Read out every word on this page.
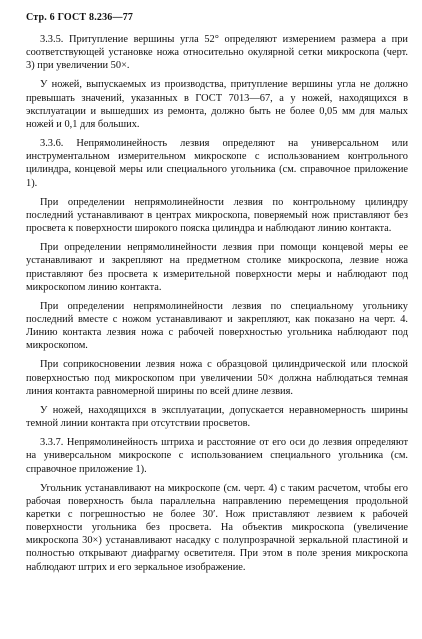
Стр. 6 ГОСТ 8.236—77

3.3.5. Притупление вершины угла 52° определяют измерением размера a при соответствующей установке ножа относительно окулярной сетки микроскопа (черт. 3) при увеличении 50×.

У ножей, выпускаемых из производства, притупление вершины угла не должно превышать значений, указанных в ГОСТ 7013—67, а у ножей, находящихся в эксплуатации и вышедших из ремонта, должно быть не более 0,05 мм для малых ножей и 0,1 для больших.

3.3.6. Непрямолинейность лезвия определяют на универсальном или инструментальном измерительном микроскопе с использованием контрольного цилиндра, концевой меры или специального угольника (см. справочное приложение 1).

При определении непрямолинейности лезвия по контрольному цилиндру последний устанавливают в центрах микроскопа, поверяемый нож приставляют без просвета к поверхности широкого пояска цилиндра и наблюдают линию контакта.

При определении непрямолинейности лезвия при помощи концевой меры ее устанавливают и закрепляют на предметном столике микроскопа, лезвие ножа приставляют без просвета к измерительной поверхности меры и наблюдают под микроскопом линию контакта.

При определении непрямолинейности лезвия по специальному угольнику последний вместе с ножом устанавливают и закрепляют, как показано на черт. 4. Линию контакта лезвия ножа с рабочей поверхностью угольника наблюдают под микроскопом.

При соприкосновении лезвия ножа с образцовой цилиндрической или плоской поверхностью под микроскопом при увеличении 50× должна наблюдаться темная линия контакта равномерной ширины по всей длине лезвия.

У ножей, находящихся в эксплуатации, допускается неравномерность ширины темной линии контакта при отсутствии просветов.

3.3.7. Непрямолинейность штриха и расстояние от его оси до лезвия определяют на универсальном микроскопе с использованием специального угольника (см. справочное приложение 1).

Угольник устанавливают на микроскопе (см. черт. 4) с таким расчетом, чтобы его рабочая поверхность была параллельна направлению перемещения продольной каретки с погрешностью не более 30′. Нож приставляют лезвием к рабочей поверхности угольника без просвета. На объектив микроскопа (увеличение микроскопа 30×) устанавливают насадку с полупрозрачной зеркальной пластиной и полностью открывают диафрагму осветителя. При этом в поле зрения микроскопа наблюдают штрих и его зеркальное изображение.
